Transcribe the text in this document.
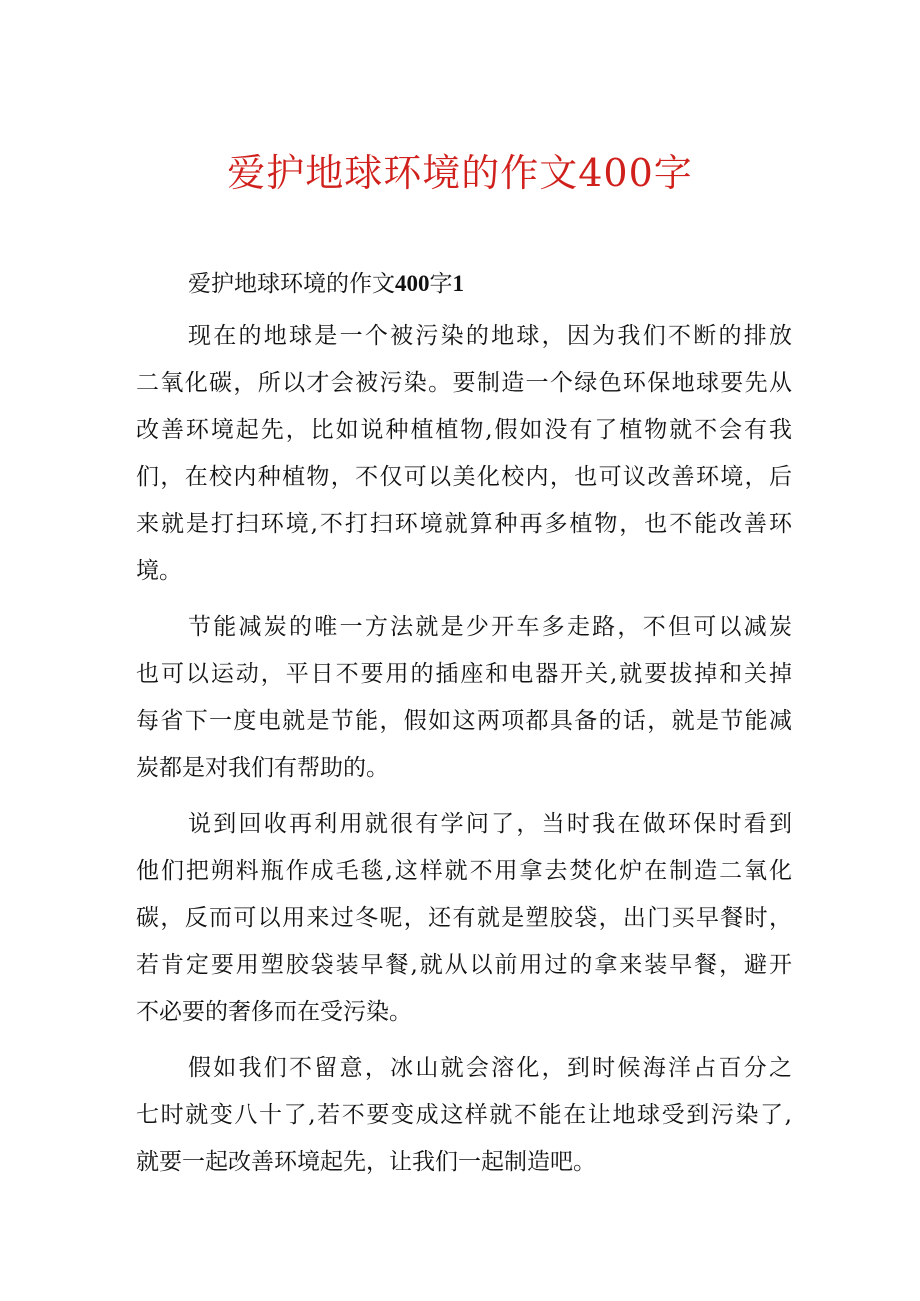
爱护地球环境的作文400字

爱护地球环境的作文400字1

现在的地球是一个被污染的地球，因为我们不断的排放
二氧化碳，所以才会被污染。要制造一个绿色环保地球要先从
改善环境起先，比如说种植植物,假如没有了植物就不会有我
们，在校内种植物，不仅可以美化校内，也可议改善环境，后
来就是打扫环境,不打扫环境就算种再多植物，也不能改善环
境。
节能减炭的唯一方法就是少开车多走路，不但可以减炭
也可以运动，平日不要用的插座和电器开关,就要拔掉和关掉
每省下一度电就是节能，假如这两项都具备的话，就是节能减
炭都是对我们有帮助的。
说到回收再利用就很有学问了，当时我在做环保时看到
他们把朔料瓶作成毛毯,这样就不用拿去焚化炉在制造二氧化
碳，反而可以用来过冬呢，还有就是塑胶袋，出门买早餐时，
若肯定要用塑胶袋装早餐,就从以前用过的拿来装早餐，避开
不必要的奢侈而在受污染。
假如我们不留意，冰山就会溶化，到时候海洋占百分之
七时就变八十了,若不要变成这样就不能在让地球受到污染了,
就要一起改善环境起先，让我们一起制造吧。
